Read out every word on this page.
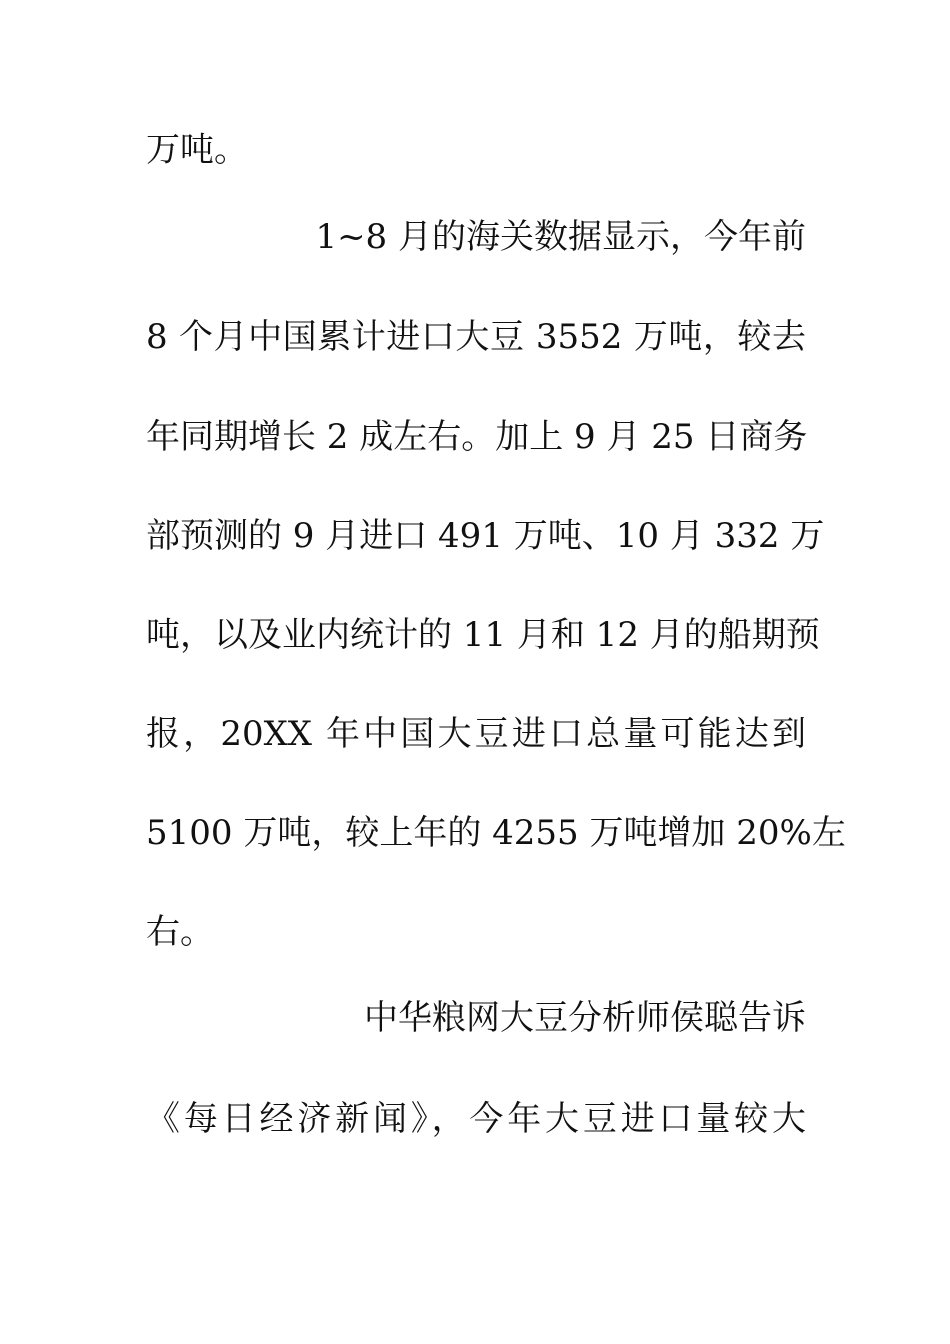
万吨。
1~8 月的海关数据显示，今年前
8 个月中国累计进口大豆 3552 万吨，较去
年同期增长 2 成左右。加上 9 月 25 日商务
部预测的 9 月进口 491 万吨、10 月 332 万
吨，以及业内统计的 11 月和 12 月的船期预
报，20XX 年中国大豆进口总量可能达到
5100 万吨，较上年的 4255 万吨增加 20%左
右。
中华粮网大豆分析师侯聪告诉
《每日经济新闻》，今年大豆进口量较大
